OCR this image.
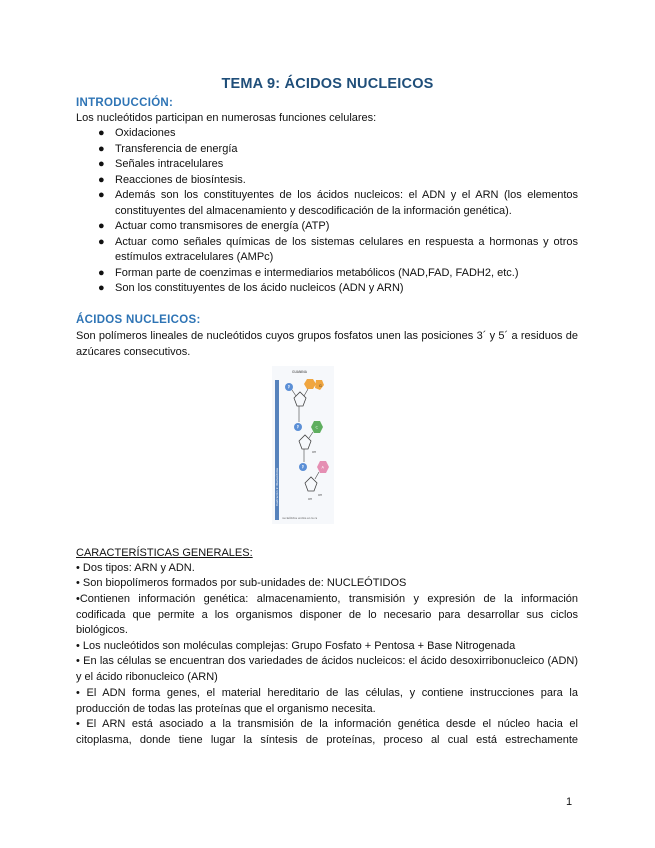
TEMA 9: ÁCIDOS NUCLEICOS
INTRODUCCIÓN:
Los nucleótidos participan en numerosas funciones celulares:
● Oxidaciones
● Transferencia de energía
● Señales intracelulares
● Reacciones de biosíntesis.
● Además son los constituyentes de los ácidos nucleicos: el ADN y el ARN (los elementos constituyentes del almacenamiento y descodificación de la información genética).
● Actuar como transmisores de energía (ATP)
● Actuar como señales químicas de los sistemas celulares en respuesta a hormonas y otros estímulos extracelulares (AMPc)
● Forman parte de coenzimas e intermediarios metabólicos (NAD,FAD, FADH2, etc.)
● Son los constituyentes de los ácido nucleicos (ADN y ARN)
ÁCIDOS NUCLEICOS:
Son polímeros lineales de nucleótidos cuyos grupos fosfatos unen las posiciones 3´ y 5´ a residuos de azúcares consecutivos.
GUANINA
Ilustración 2: Nucleótidos
P	G
P	C
OH
P	A
OH
OH
nucleótidos unidos en la cs
CARACTERÍSTICAS GENERALES:
• Dos tipos: ARN y ADN.
• Son biopolímeros formados por sub-unidades de: NUCLEÓTIDOS
•Contienen información genética: almacenamiento, transmisión y expresión de la información codificada que permite a los organismos disponer de lo necesario para desarrollar sus ciclos biológicos.
• Los nucleótidos son moléculas complejas: Grupo Fosfato + Pentosa + Base Nitrogenada
• En las células se encuentran dos variedades de ácidos nucleicos: el ácido desoxirribonucleico (ADN) y el ácido ribonucleico (ARN)
• El ADN forma genes, el material hereditario de las células, y contiene instrucciones para la producción de todas las proteínas que el organismo necesita.
• El ARN está asociado a la transmisión de la información genética desde el núcleo hacia el citoplasma, donde tiene lugar la síntesis de proteínas, proceso al cual está estrechamente
1
